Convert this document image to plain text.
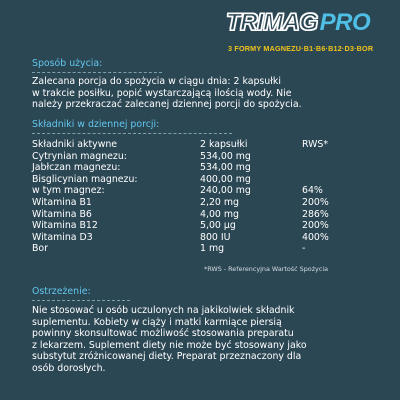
TRIMAGPRO
3 FORMY MAGNEZU·B1·B6·B12·D3·BOR
Sposób użycia:
Zalecana porcja do spożycia w ciągu dnia: 2 kapsułki
w trakcie posiłku, popić wystarczającą ilością wody. Nie
należy przekraczać zalecanej dziennej porcji do spożycia.
Składniki w dziennej porcji:
Składniki aktywne	2 kapsułki	RWS*
Cytrynian magnezu:	534,00 mg
Jabłczan magnezu:	534,00 mg
Bisglicynian magnezu:	400,00 mg
w tym magnez:	240,00 mg	64%
Witamina B1	2,20 mg	200%
Witamina B6	4,00 mg	286%
Witamina B12	5,00 µg	200%
Witamina D3	800 IU	400%
Bor	1 mg	-
*RWS - Referencyjna Wartość Spożycia
Ostrzeżenie:
Nie stosować u osób uczulonych na jakikolwiek składnik
suplementu. Kobiety w ciąży i matki karmiące piersią
powinny skonsultować możliwość stosowania preparatu
z lekarzem. Suplement diety nie może być stosowany jako
substytut zróżnicowanej diety. Preparat przeznaczony dla
osób dorosłych.
